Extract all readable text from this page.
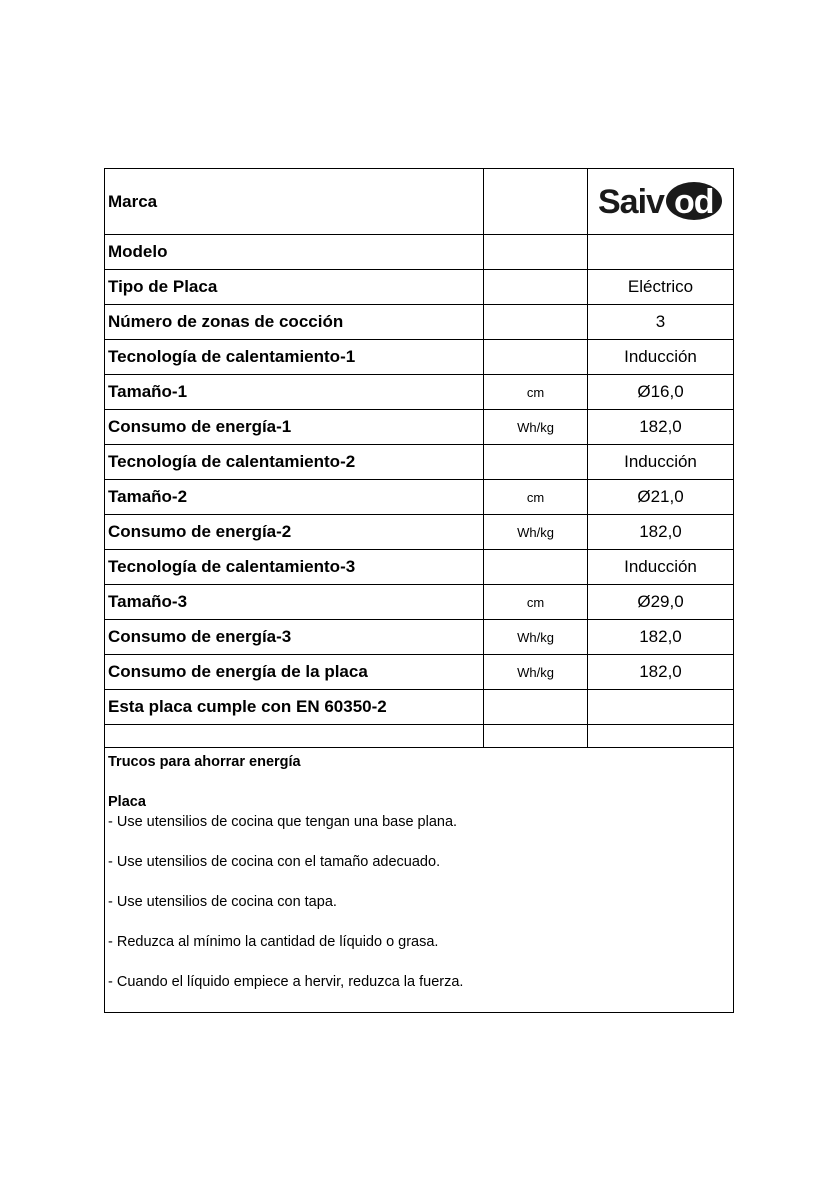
Marca		Saiv od

Modelo		
Tipo de Placa		Eléctrico
Número de zonas de cocción		3
Tecnología de calentamiento-1		Inducción
Tamaño-1	cm	Ø16,0
Consumo de energía-1	Wh/kg	182,0
Tecnología de calentamiento-2		Inducción
Tamaño-2	cm	Ø21,0
Consumo de energía-2	Wh/kg	182,0
Tecnología de calentamiento-3		Inducción
Tamaño-3	cm	Ø29,0
Consumo de energía-3	Wh/kg	182,0
Consumo de energía de la placa	Wh/kg	182,0
Esta placa cumple con EN 60350-2		

Trucos para ahorrar energía
Placa
- Use utensilios de cocina que tengan una base plana.
- Use utensilios de cocina con el tamaño adecuado.
- Use utensilios de cocina con tapa.
- Reduzca al mínimo la cantidad de líquido o grasa.
- Cuando el líquido empiece a hervir, reduzca la fuerza.
